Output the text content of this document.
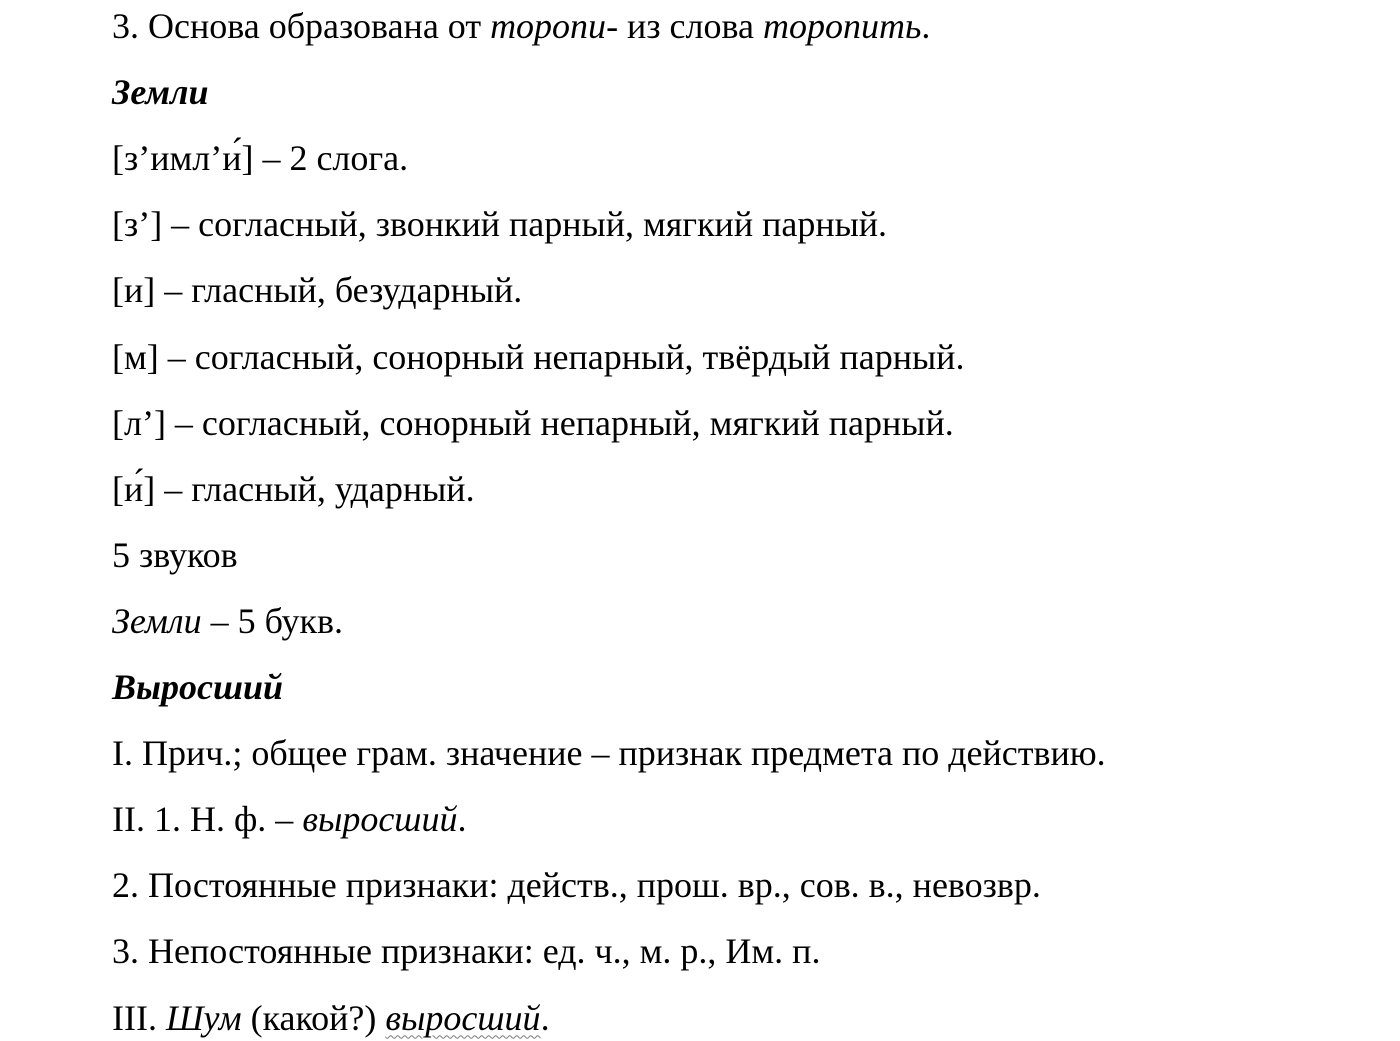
3. Основа образована от торопи- из слова торопить.
Земли
[з’имл’и́] – 2 слога.
[з’] – согласный, звонкий парный, мягкий парный.
[и] – гласный, безударный.
[м] – согласный, сонорный непарный, твёрдый парный.
[л’] – согласный, сонорный непарный, мягкий парный.
[и́] – гласный, ударный.
5 звуков
Земли – 5 букв.
Выросший
I. Прич.; общее грам. значение – признак предмета по действию.
II. 1. Н. ф. – выросший.
2. Постоянные признаки: действ., прош. вр., сов. в., невозвр.
3. Непостоянные признаки: ед. ч., м. р., Им. п.
III. Шум (какой?) выросший.
